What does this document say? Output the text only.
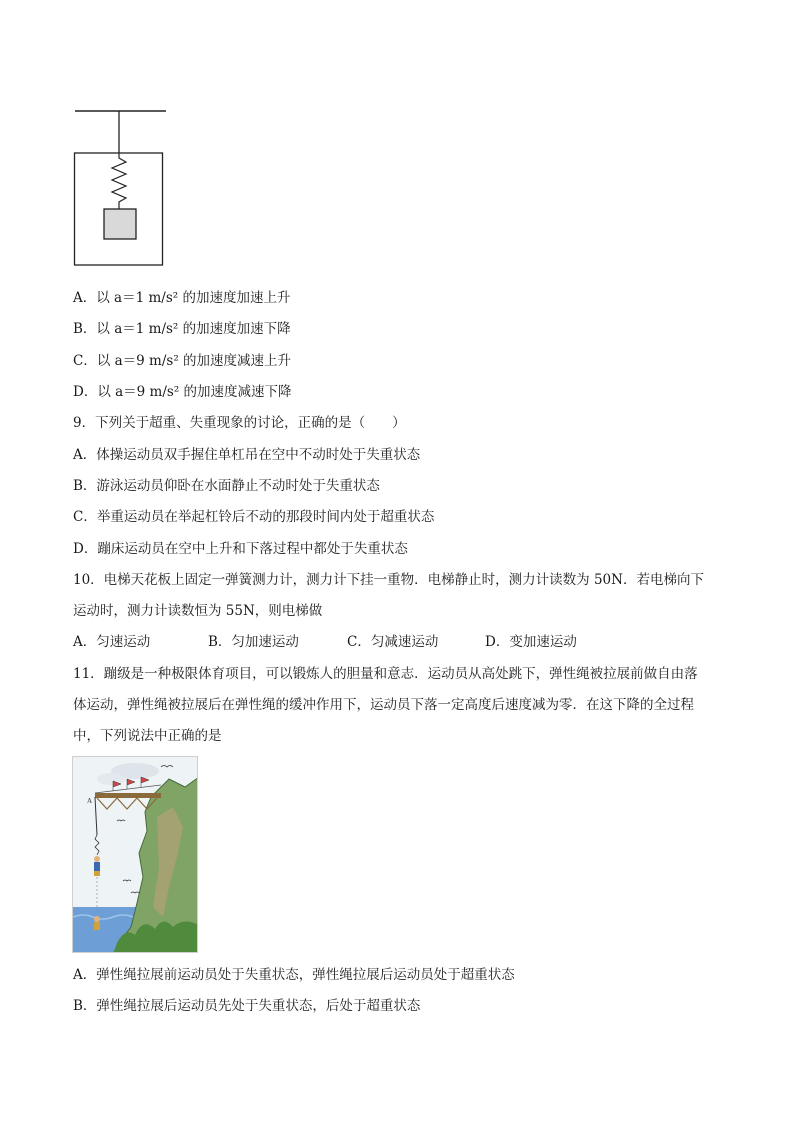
A．以 a＝1 m/s² 的加速度加速上升

B．以 a＝1 m/s² 的加速度加速下降

C．以 a＝9 m/s² 的加速度减速上升

D．以 a＝9 m/s² 的加速度减速下降

9．下列关于超重、失重现象的讨论，正确的是（　　）

A．体操运动员双手握住单杠吊在空中不动时处于失重状态

B．游泳运动员仰卧在水面静止不动时处于失重状态

C．举重运动员在举起杠铃后不动的那段时间内处于超重状态

D．蹦床运动员在空中上升和下落过程中都处于失重状态

10．电梯天花板上固定一弹簧测力计，测力计下挂一重物．电梯静止时，测力计读数为 50N．若电梯向下

运动时，测力计读数恒为 55N，则电梯做

A．匀速运动	B．匀加速运动	C．匀减速运动	D．变加速运动

11．蹦级是一种极限体育项目，可以锻炼人的胆量和意志．运动员从高处跳下，弹性绳被拉展前做自由落

体运动，弹性绳被拉展后在弹性绳的缓冲作用下，运动员下落一定高度后速度减为零．在这下降的全过程

中，下列说法中正确的是

A

A．弹性绳拉展前运动员处于失重状态，弹性绳拉展后运动员处于超重状态

B．弹性绳拉展后运动员先处于失重状态，后处于超重状态
